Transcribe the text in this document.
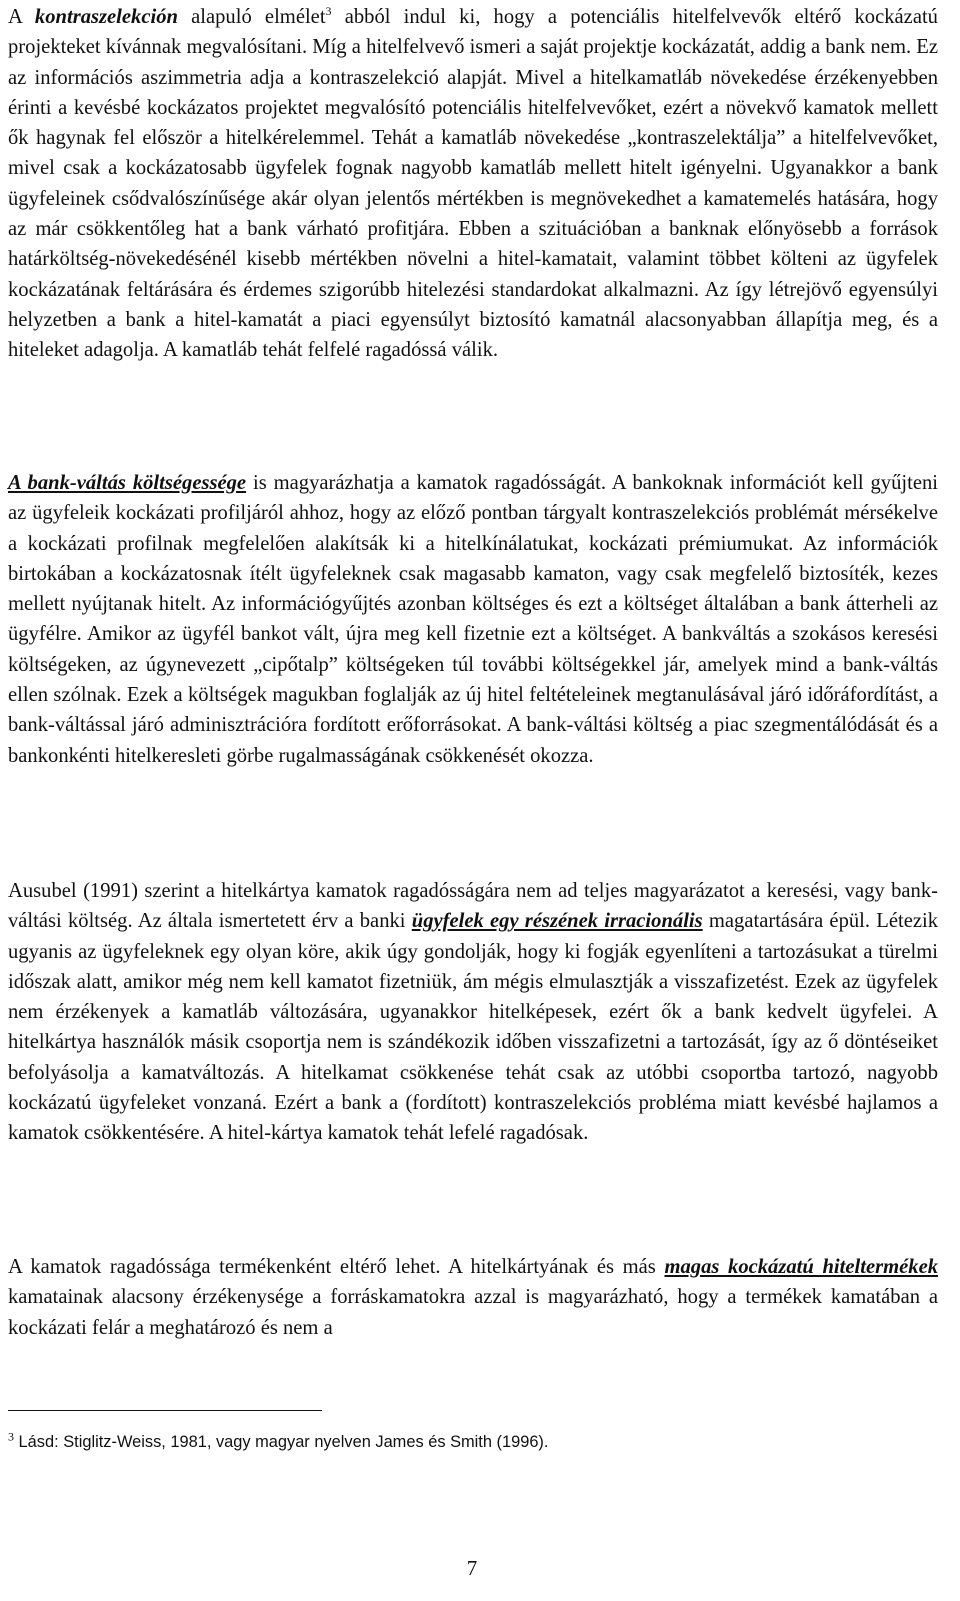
A kontraszelekción alapuló elmélet$^3$ abból indul ki, hogy a potenciális hitelfelvevők eltérő kockázatú projekteket kívánnak megvalósítani. Míg a hitelfelvevő ismeri a saját projektje kockázatát, addig a bank nem. Ez az információs aszimmetria adja a kontraszelekció alapját. Mivel a hitelkamatláb növekedése érzékenyebben érinti a kevésbé kockázatos projektet megvalósító potenciális hitelfelvevőket, ezért a növekvő kamatok mellett ők hagynak fel először a hitelkérelemmel. Tehát a kamatláb növekedése „kontraszelektálja” a hitelfelvevőket, mivel csak a kockázatosabb ügyfelek fognak nagyobb kamatláb mellett hitelt igényelni. Ugyanakkor a bank ügyfeleinek csődvalószínűsége akár olyan jelentős mértékben is megnövekedhet a kamatemelés hatására, hogy az már csökkentőleg hat a bank várható profitjára. Ebben a szituációban a banknak előnyösebb a források határköltség-növekedésénél kisebb mértékben növelni a hitel-kamatait, valamint többet költeni az ügyfelek kockázatának feltárására és érdemes szigorúbb hitelezési standardokat alkalmazni. Az így létrejövő egyensúlyi helyzetben a bank a hitel-kamatát a piaci egyensúlyt biztosító kamatnál alacsonyabban állapítja meg, és a hiteleket adagolja. A kamatláb tehát felfelé ragadóssá válik.

A bank-váltás költségessége is magyarázhatja a kamatok ragadósságát. A bankoknak információt kell gyűjteni az ügyfeleik kockázati profiljáról ahhoz, hogy az előző pontban tárgyalt kontraszelekciós problémát mérsékelve a kockázati profilnak megfelelően alakítsák ki a hitelkínálatukat, kockázati prémiumukat. Az információk birtokában a kockázatosnak ítélt ügyfeleknek csak magasabb kamaton, vagy csak megfelelő biztosíték, kezes mellett nyújtanak hitelt. Az információgyűjtés azonban költséges és ezt a költséget általában a bank átterheli az ügyfélre. Amikor az ügyfél bankot vált, újra meg kell fizetnie ezt a költséget. A bankváltás a szokásos keresési költségeken, az úgynevezett „cipőtalp” költségeken túl további költségekkel jár, amelyek mind a bank-váltás ellen szólnak. Ezek a költségek magukban foglalják az új hitel feltételeinek megtanulásával járó időráfordítást, a bank-váltással járó adminisztrációra fordított erőforrásokat. A bank-váltási költség a piac szegmentálódását és a bankonkénti hitelkeresleti görbe rugalmasságának csökkenését okozza.

Ausubel (1991) szerint a hitelkártya kamatok ragadósságára nem ad teljes magyarázatot a keresési, vagy bank-váltási költség. Az általa ismertetett érv a banki ügyfelek egy részének irracionális magatartására épül. Létezik ugyanis az ügyfeleknek egy olyan köre, akik úgy gondolják, hogy ki fogják egyenlíteni a tartozásukat a türelmi időszak alatt, amikor még nem kell kamatot fizetniük, ám mégis elmulasztják a visszafizetést. Ezek az ügyfelek nem érzékenyek a kamatláb változására, ugyanakkor hitelképesek, ezért ők a bank kedvelt ügyfelei. A hitelkártya használók másik csoportja nem is szándékozik időben visszafizetni a tartozását, így az ő döntéseiket befolyásolja a kamatváltozás. A hitelkamat csökkenése tehát csak az utóbbi csoportba tartozó, nagyobb kockázatú ügyfeleket vonzaná. Ezért a bank a (fordított) kontraszelekciós probléma miatt kevésbé hajlamos a kamatok csökkentésére. A hitel-kártya kamatok tehát lefelé ragadósak.

A kamatok ragadóssága termékenként eltérő lehet. A hitelkártyának és más magas kockázatú hiteltermékek kamatainak alacsony érzékenysége a forráskamatokra azzal is magyarázható, hogy a termékek kamatában a kockázati felár a meghatározó és nem a

$^3$ Lásd: Stiglitz-Weiss, 1981, vagy magyar nyelven James és Smith (1996).
7
